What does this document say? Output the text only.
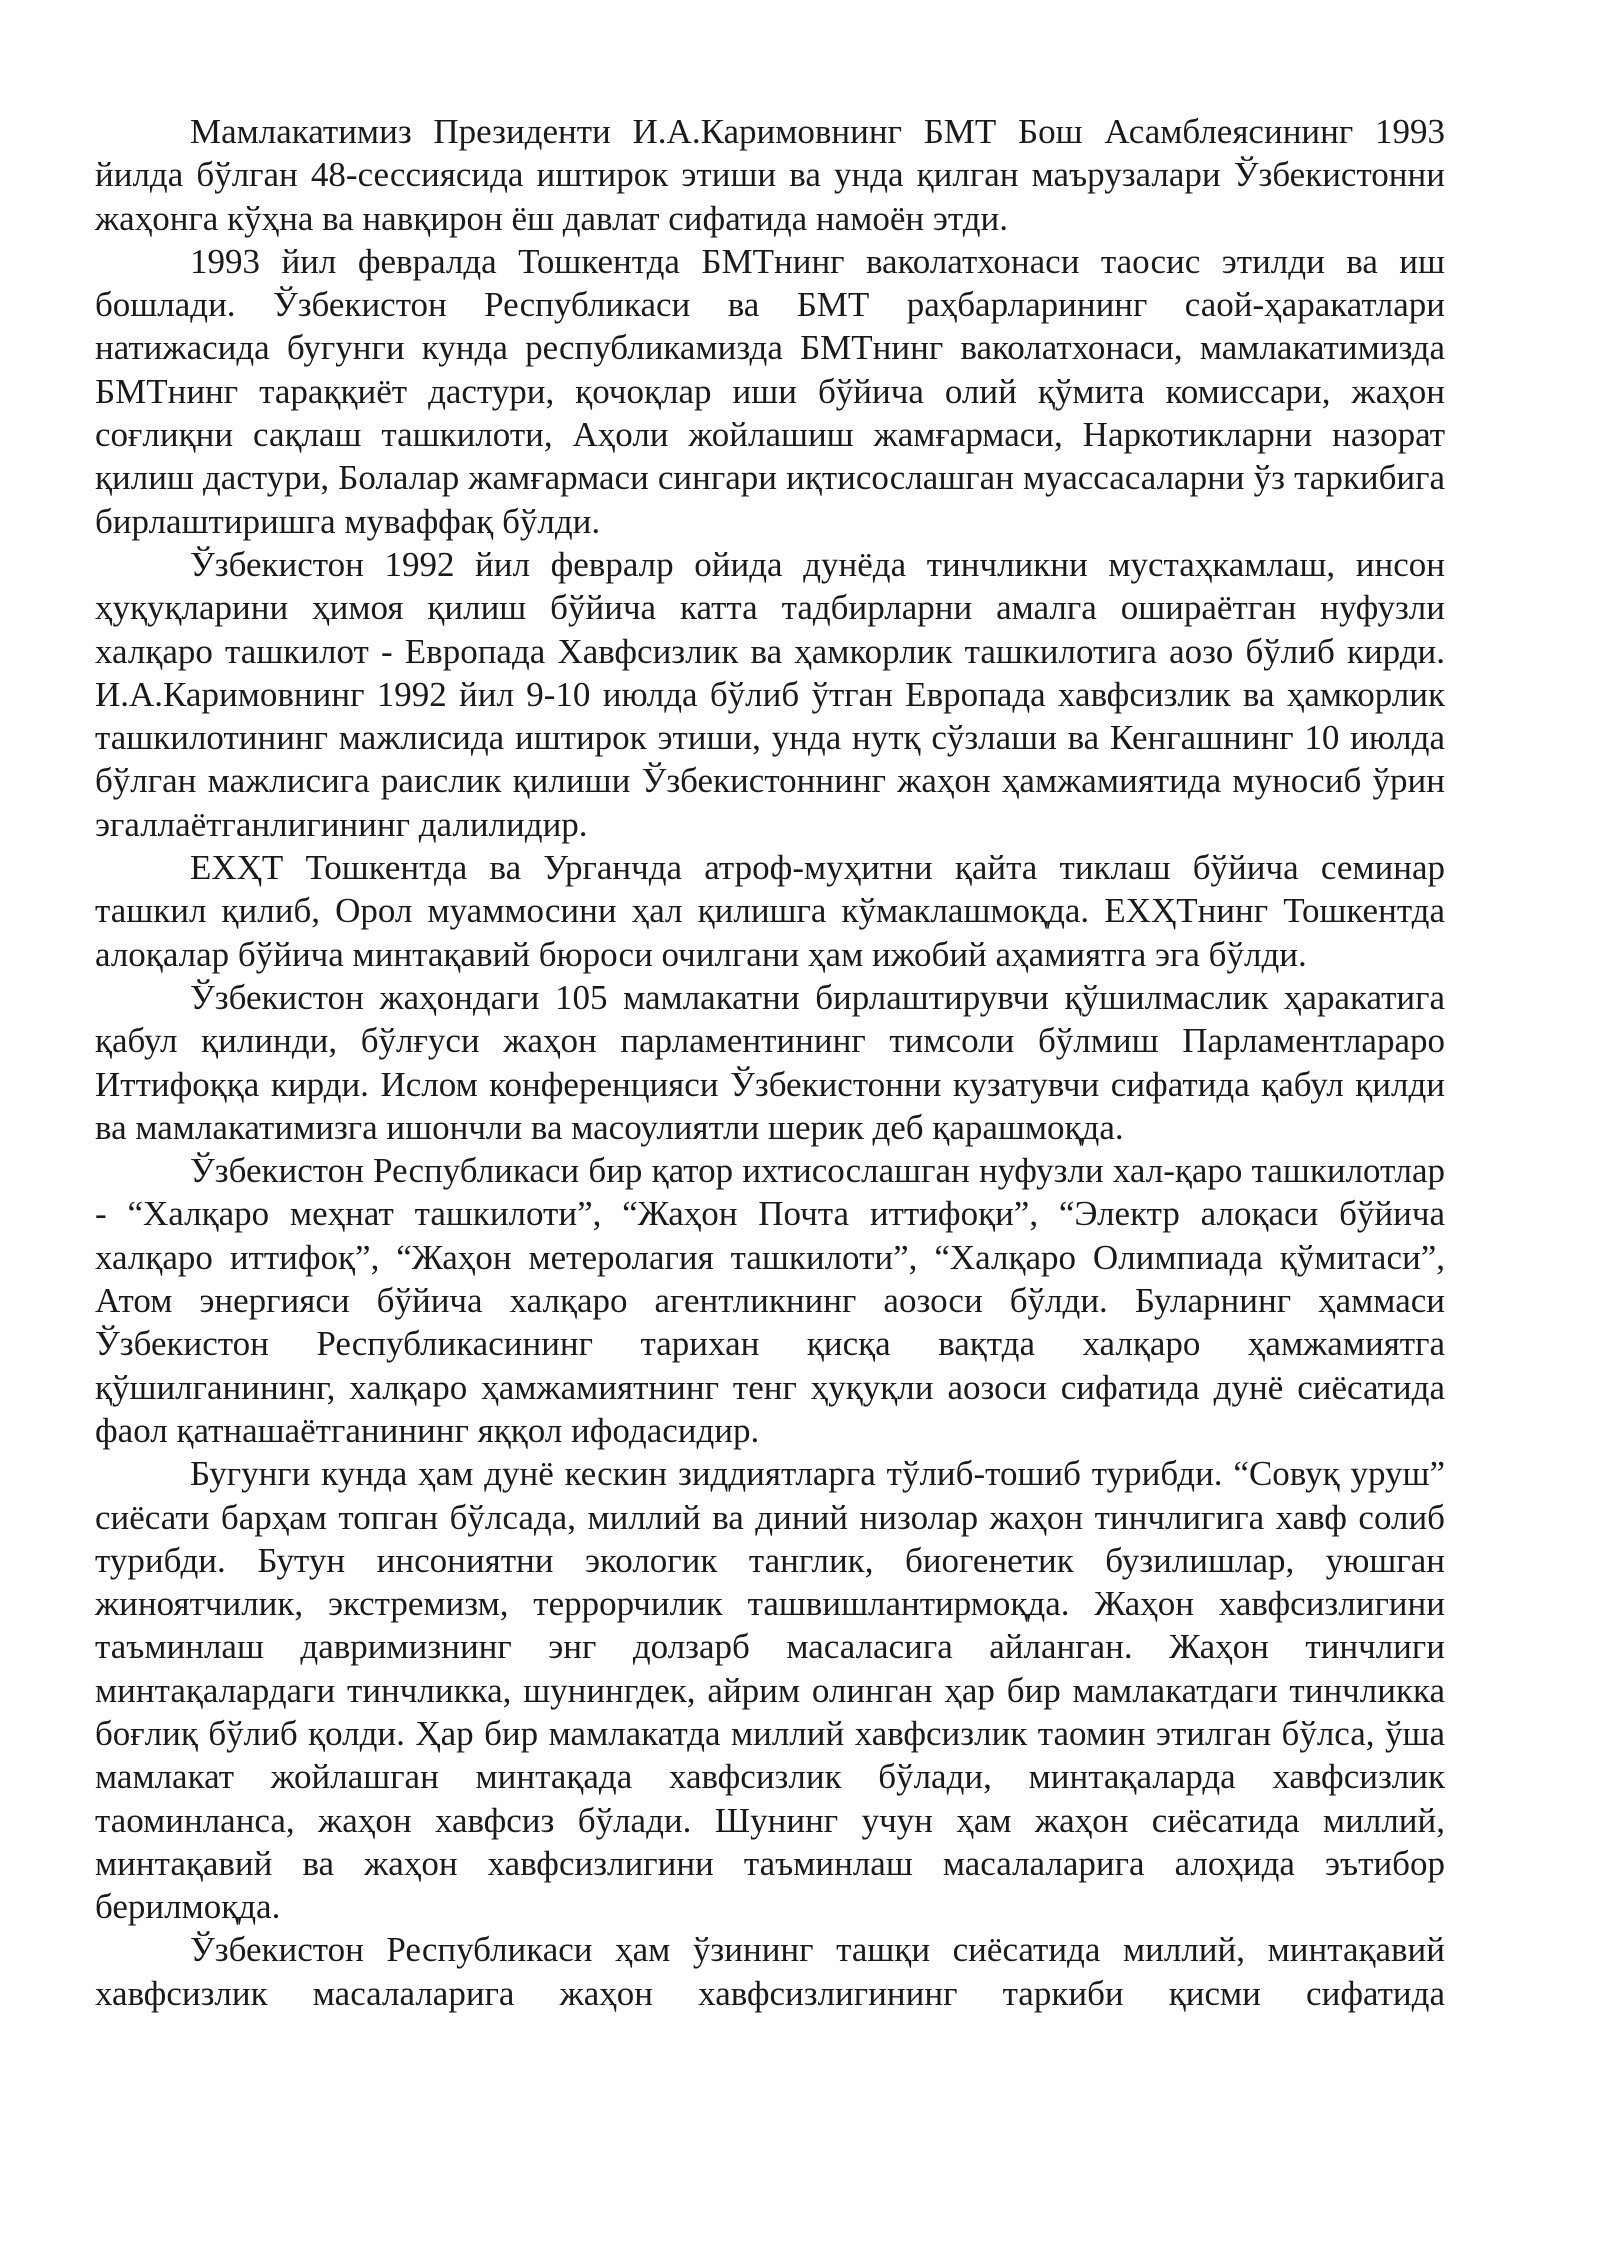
Мамлакатимиз Президенти И.А.Каримовнинг БМТ Бош Асамблеясининг 1993 йилда бўлган 48-сессиясида иштирок этиши ва унда қилган маърузалари Ўзбекистонни жаҳонга кўҳна ва навқирон ёш давлат сифатида намоён этди.

1993 йил февралда Тошкентда БМТнинг ваколатхонаси таосис этилди ва иш бошлади. Ўзбекистон Республикаси ва БМТ раҳбарларининг саой-ҳаракатлари натижасида бугунги кунда республикамизда БМТнинг ваколатхонаси, мамлакатимизда БМТнинг тараққиёт дастури, қочоқлар иши бўйича олий қўмита комиссари, жаҳон соғлиқни сақлаш ташкилоти, Аҳоли жойлашиш жамғармаси, Наркотикларни назорат қилиш дастури, Болалар жамғармаси сингари иқтисослашган муассасаларни ўз таркибига бирлаштиришга муваффақ бўлди.

Ўзбекистон 1992 йил февралр ойида дунёда тинчликни мустаҳкамлаш, инсон ҳуқуқларини ҳимоя қилиш бўйича катта тадбирларни амалга ошираётган нуфузли халқаро ташкилот - Европада Хавфсизлик ва ҳамкорлик ташкилотига аозо бўлиб кирди. И.А.Каримовнинг 1992 йил 9-10 июлда бўлиб ўтган Европада хавфсизлик ва ҳамкорлик ташкилотининг мажлисида иштирок этиши, унда нутқ сўзлаши ва Кенгашнинг 10 июлда бўлган мажлисига раислик қилиши Ўзбекистоннинг жаҳон ҳамжамиятида муносиб ўрин эгаллаётганлигининг далилидир.

ЕХҲТ Тошкентда ва Урганчда атроф-муҳитни қайта тиклаш бўйича семинар ташкил қилиб, Орол муаммосини ҳал қилишга кўмаклашмоқда. ЕХҲТнинг Тошкентда алоқалар бўйича минтақавий бюроси очилгани ҳам ижобий аҳамиятга эга бўлди.

Ўзбекистон жаҳондаги 105 мамлакатни бирлаштирувчи қўшилмаслик ҳаракатига қабул қилинди, бўлғуси жаҳон парламентининг тимсоли бўлмиш Парламентлараро Иттифоққа кирди. Ислом конференцияси Ўзбекистонни кузатувчи сифатида қабул қилди ва мамлакатимизга ишончли ва масоулиятли шерик деб қарашмоқда.

Ўзбекистон Республикаси бир қатор ихтисослашган нуфузли хал-қаро ташкилотлар - “Халқаро меҳнат ташкилоти”, “Жаҳон Почта иттифоқи”, “Электр алоқаси бўйича халқаро иттифоқ”, “Жаҳон метеролагия ташкилоти”, “Халқаро Олимпиада қўмитаси”, Атом энергияси бўйича халқаро агентликнинг аозоси бўлди. Буларнинг ҳаммаси Ўзбекистон Республикасининг тарихан қисқа вақтда халқаро ҳамжамиятга қўшилганининг, халқаро ҳамжамиятнинг тенг ҳуқуқли аозоси сифатида дунё сиёсатида фаол қатнашаётганининг яққол ифодасидир.

Бугунги кунда ҳам дунё кескин зиддиятларга тўлиб-тошиб турибди. “Совуқ уруш” сиёсати барҳам топган бўлсада, миллий ва диний низолар жаҳон тинчлигига хавф солиб турибди. Бутун инсониятни экологик танглик, биогенетик бузилишлар, уюшган жиноятчилик, экстремизм, террорчилик ташвишлантирмоқда. Жаҳон хавфсизлигини таъминлаш давримизнинг энг долзарб масаласига айланган. Жаҳон тинчлиги минтақалардаги тинчликка, шунингдек, айрим олинган ҳар бир мамлакатдаги тинчликка боғлиқ бўлиб қолди. Ҳар бир мамлакатда миллий хавфсизлик таомин этилган бўлса, ўша мамлакат жойлашган минтақада хавфсизлик бўлади, минтақаларда хавфсизлик таоминланса, жаҳон хавфсиз бўлади. Шунинг учун ҳам жаҳон сиёсатида миллий, минтақавий ва жаҳон хавфсизлигини таъминлаш масалаларига алоҳида эътибор берилмоқда.

Ўзбекистон Республикаси ҳам ўзининг ташқи сиёсатида миллий, минтақавий хавфсизлик масалаларига жаҳон хавфсизлигининг таркиби қисми сифатида
